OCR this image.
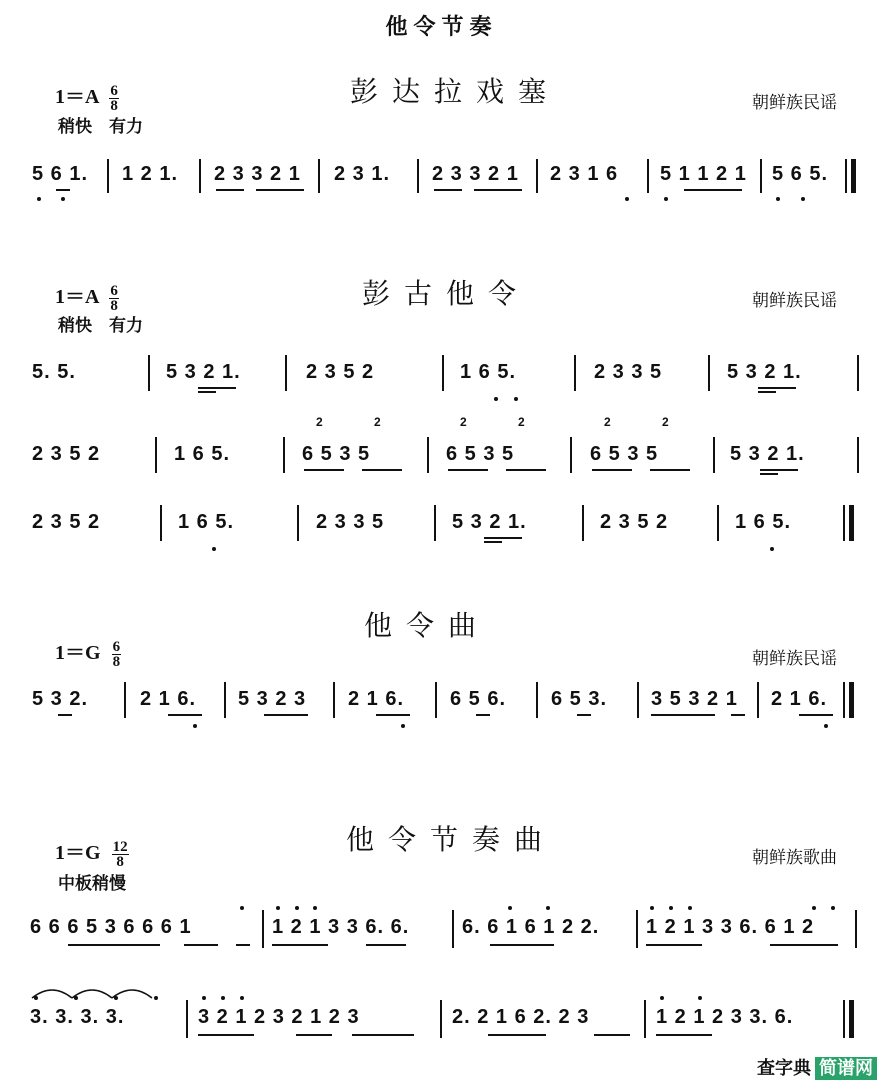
他令节奏
彭达拉戏塞
$1=A \frac{6}{8}$
稍快　有力
朝鲜族民谣
5 6 1. 1 2 1. 2 3 3 2 1 2 3 1. 2 3 3 2 1 2 3 1 6 5 1 1 2 1 5 6 5.
彭古他令
$1=A \frac{6}{8}$
稍快　有力
朝鲜族民谣
5. 5.	5 3 2 1.	2 3 5 2	1 6 5.	2 3 3 5	5 3 2 1.
2 3 5 2	1 6 5.	6 5 3 5	6 5 3 5	6 5 3 5	5 3 2 1.
2	2	2	2	2	2
2 3 5 2	1 6 5.	2 3 3 5	5 3 2 1.	2 3 5 2	1 6 5.
他令曲
$1=G \frac{6}{8}$	朝鲜族民谣
5 3 2.	2 1 6. 5 3 2 3 2 1 6. 6 5 6. 6 5 3. 3 5 3 2 1 2 1 6.
他令节奏曲
$1=G \frac{12}{8}$
中板稍慢
朝鲜族歌曲
6 6 6 5 3 6 6 6 1	1 2 1 3 3 6. 6.	6. 6 1 6 1 2 2. 1 2 1 3 3 6. 6 1 2
3. 3. 3. 3.	3 2 1 2 3 2 1 2 3	2. 2 1 6 2. 2 3	1 2 1 2 3 3. 6.
查字典 简谱网
